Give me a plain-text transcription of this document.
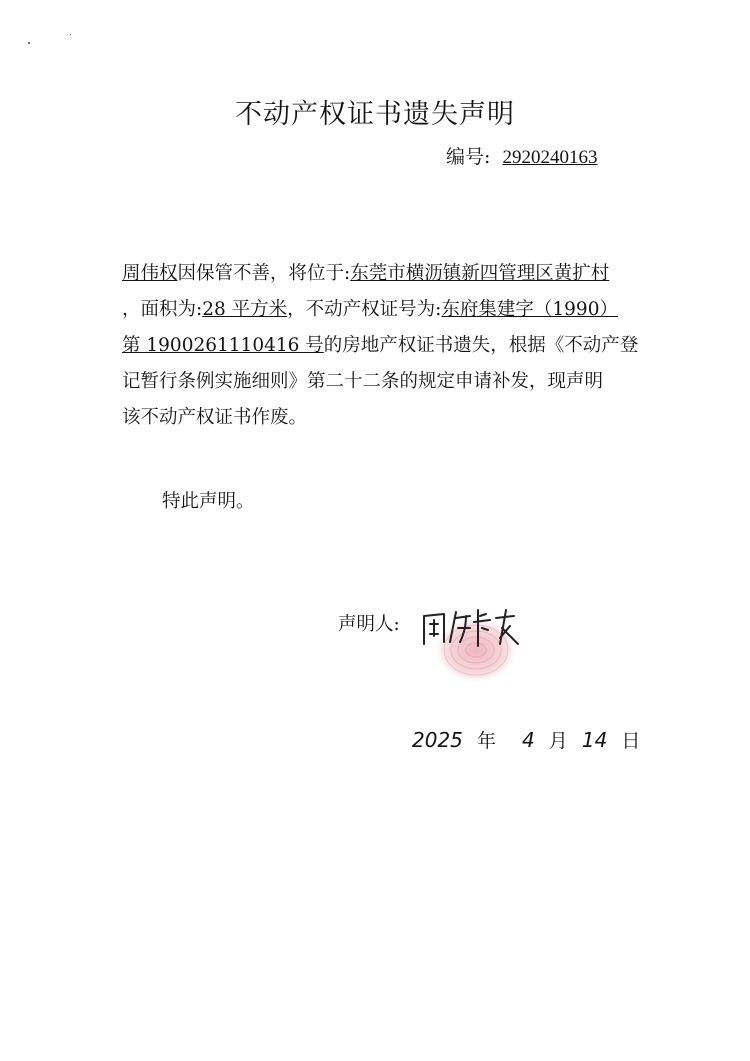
不动产权证书遗失声明
编号: 2920240163
周伟权因保管不善，将位于:东莞市横沥镇新四管理区黄扩村
，面积为:28 平方米，不动产权证号为:东府集建字（1990）
第 1900261110416 号的房地产权证书遗失，根据《不动产登
记暂行条例实施细则》第二十二条的规定申请补发，现声明
该不动产权证书作废。
特此声明。
声明人:
2025 年 4 月 14 日
